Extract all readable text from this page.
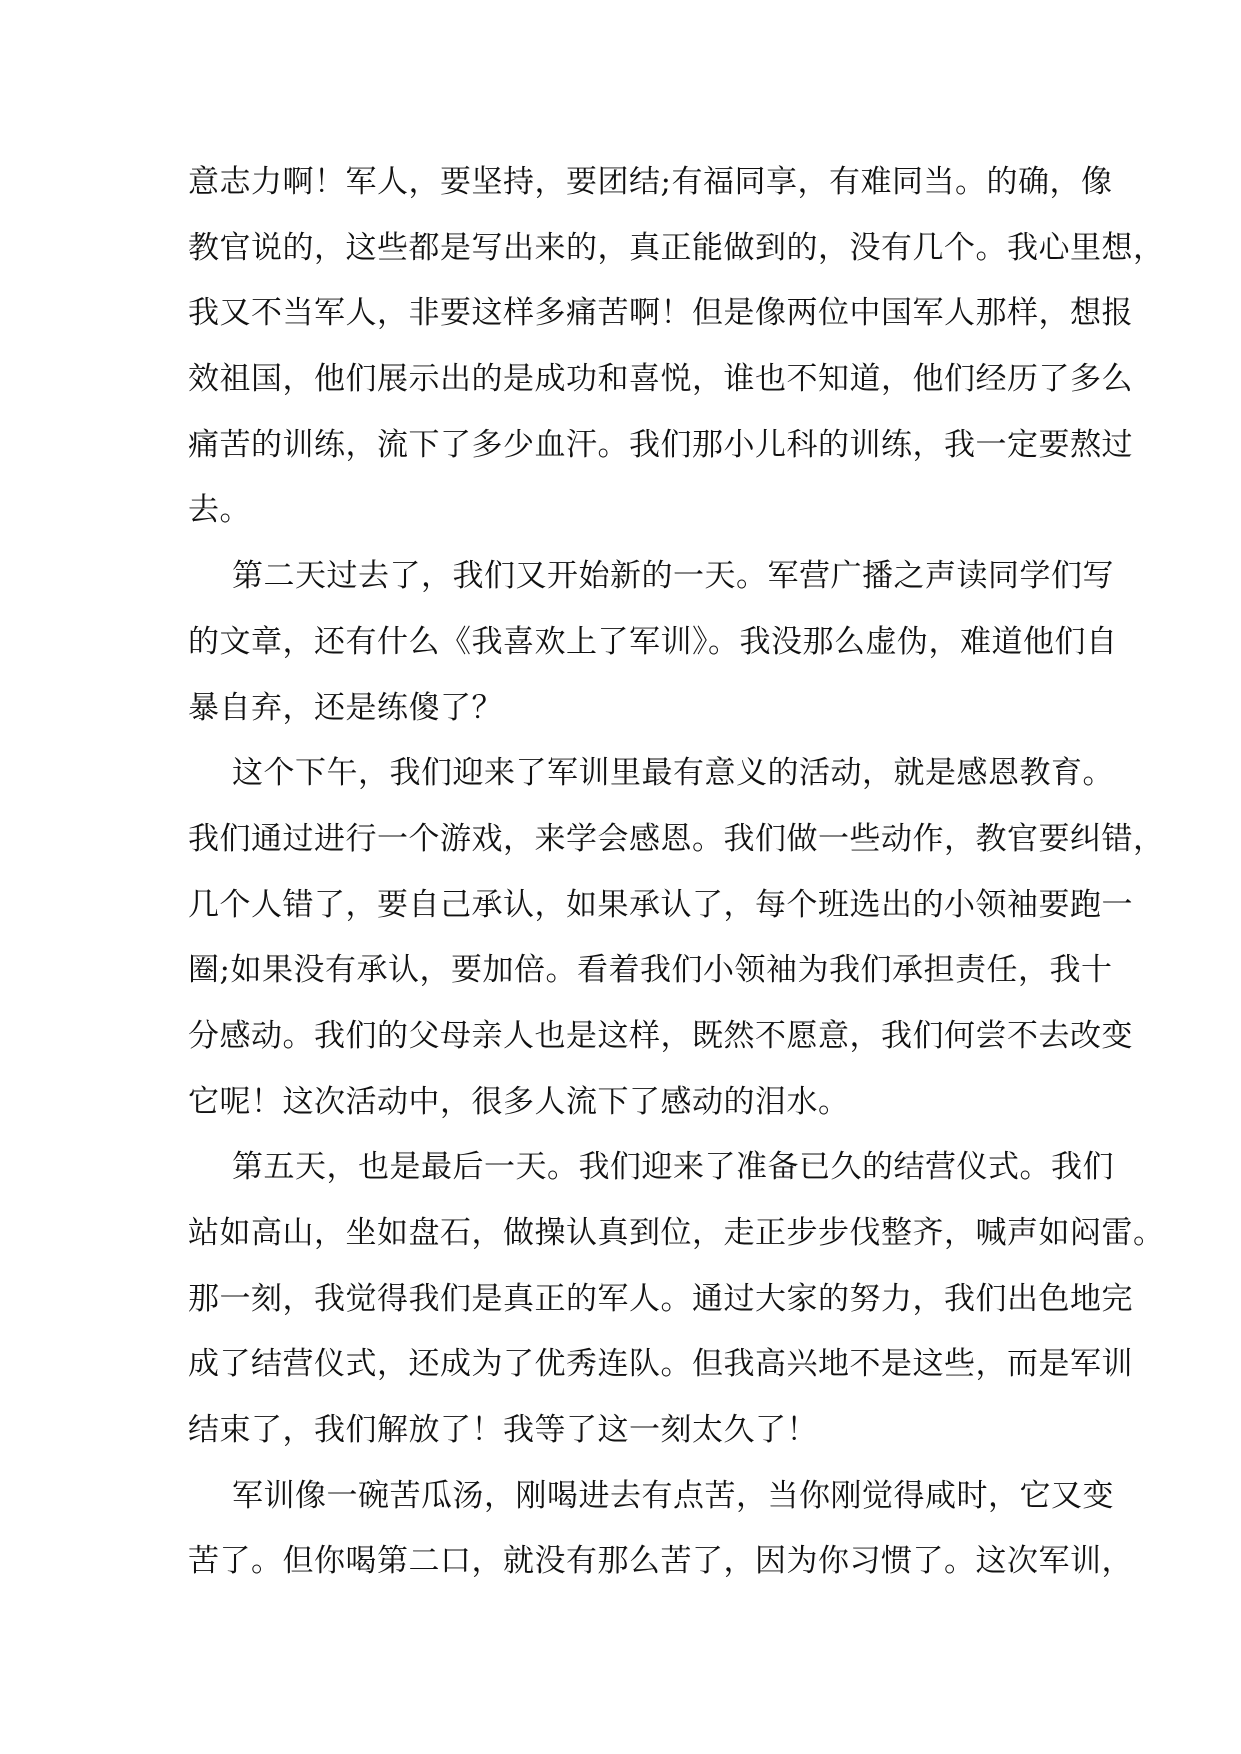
意志力啊！军人，要坚持，要团结;有福同享，有难同当。的确，像
教官说的，这些都是写出来的，真正能做到的，没有几个。我心里想，
我又不当军人，非要这样多痛苦啊！但是像两位中国军人那样，想报
效祖国，他们展示出的是成功和喜悦，谁也不知道，他们经历了多么
痛苦的训练，流下了多少血汗。我们那小儿科的训练，我一定要熬过
去。

第二天过去了，我们又开始新的一天。军营广播之声读同学们写
的文章，还有什么《我喜欢上了军训》。我没那么虚伪，难道他们自
暴自弃，还是练傻了？

这个下午，我们迎来了军训里最有意义的活动，就是感恩教育。
我们通过进行一个游戏，来学会感恩。我们做一些动作，教官要纠错，
几个人错了，要自己承认，如果承认了，每个班选出的小领袖要跑一
圈;如果没有承认，要加倍。看着我们小领袖为我们承担责任，我十
分感动。我们的父母亲人也是这样，既然不愿意，我们何尝不去改变
它呢！这次活动中，很多人流下了感动的泪水。

第五天，也是最后一天。我们迎来了准备已久的结营仪式。我们
站如高山，坐如盘石，做操认真到位，走正步步伐整齐，喊声如闷雷。
那一刻，我觉得我们是真正的军人。通过大家的努力，我们出色地完
成了结营仪式，还成为了优秀连队。但我高兴地不是这些，而是军训
结束了，我们解放了！我等了这一刻太久了！

军训像一碗苦瓜汤，刚喝进去有点苦，当你刚觉得咸时，它又变
苦了。但你喝第二口，就没有那么苦了，因为你习惯了。这次军训，
